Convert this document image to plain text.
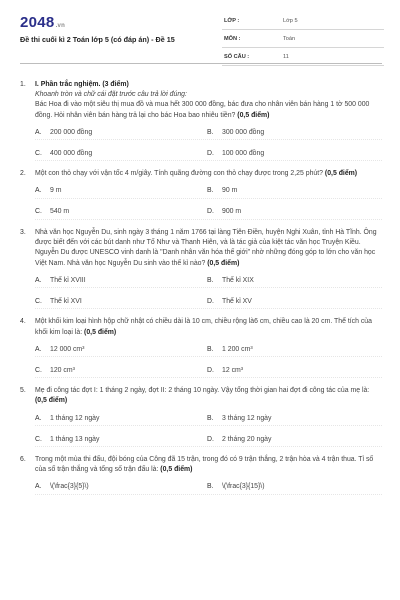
2048.vn
Đề thi cuối kì 2 Toán lớp 5 (có đáp án) - Đề 15
LỚP :	Lớp 5
MÔN :	Toán
SỐ CÂU :	11
1.	I. Phần trắc nghiệm. (3 điểm)
Khoanh tròn và chữ cái đặt trước câu trả lời đúng:
Bác Hoa đi vào một siêu thị mua đồ và mua hết 300 000 đồng, bác đưa cho nhân viên bán hàng 1 tờ 500 000 đồng. Hỏi nhân viên bán hàng trả lại cho bác Hoa bao nhiêu tiền? (0,5 điểm)
A.	200 000 đồng	B.	300 000 đồng
C.	400 000 đồng	D.	100 000 đồng
2.	Một con thỏ chạy với vận tốc 4 m/giây. Tính quãng đường con thỏ chạy được trong 2,25 phút? (0,5 điểm)
A.	9 m	B.	90 m
C.	540 m	D.	900 m
3.	Nhà văn học Nguyễn Du, sinh ngày 3 tháng 1 năm 1766 tại làng Tiên Điền, huyện Nghi Xuân, tỉnh Hà Tĩnh. Ông được biết đến với các bút danh như Tố Như và Thanh Hiên, và là tác giả của kiệt tác văn học Truyện Kiều. Nguyễn Du được UNESCO vinh danh là "Danh nhân văn hóa thế giới" nhờ những đóng góp to lớn cho văn học Việt Nam. Nhà văn học Nguyễn Du sinh vào thế kỉ nào? (0,5 điểm)
A.	Thế kỉ XVIII	B.	Thế kỉ XIX
C.	Thế kỉ XVI	D.	Thế kỉ XV
4.	Một khối kim loại hình hộp chữ nhật có chiều dài là 10 cm, chiều rộng là6 cm, chiều cao là 20 cm. Thể tích của khối kim loại là: (0,5 điểm)
A.	12 000 cm³	B.	1 200 cm³
C.	120 cm³	D.	12 cm³
5.	Mẹ đi công tác đợt I: 1 tháng 2 ngày, đợt II: 2 tháng 10 ngày. Vậy tổng thời gian hai đợt đi công tác của mẹ là: (0,5 điểm)
A.	1 tháng 12 ngày	B.	3 tháng 12 ngày
C.	1 tháng 13 ngày	D.	2 tháng 20 ngày
6.	Trong một mùa thi đấu, đội bóng của Công đã 15 trận, trong đó có 9 trận thắng, 2 trận hòa và 4 trận thua. Tỉ số của số trận thắng và tổng số trận đấu là: (0,5 điểm)
A.	\(\frac{3}{5}\)	B.	\(\frac{3}{15}\)
